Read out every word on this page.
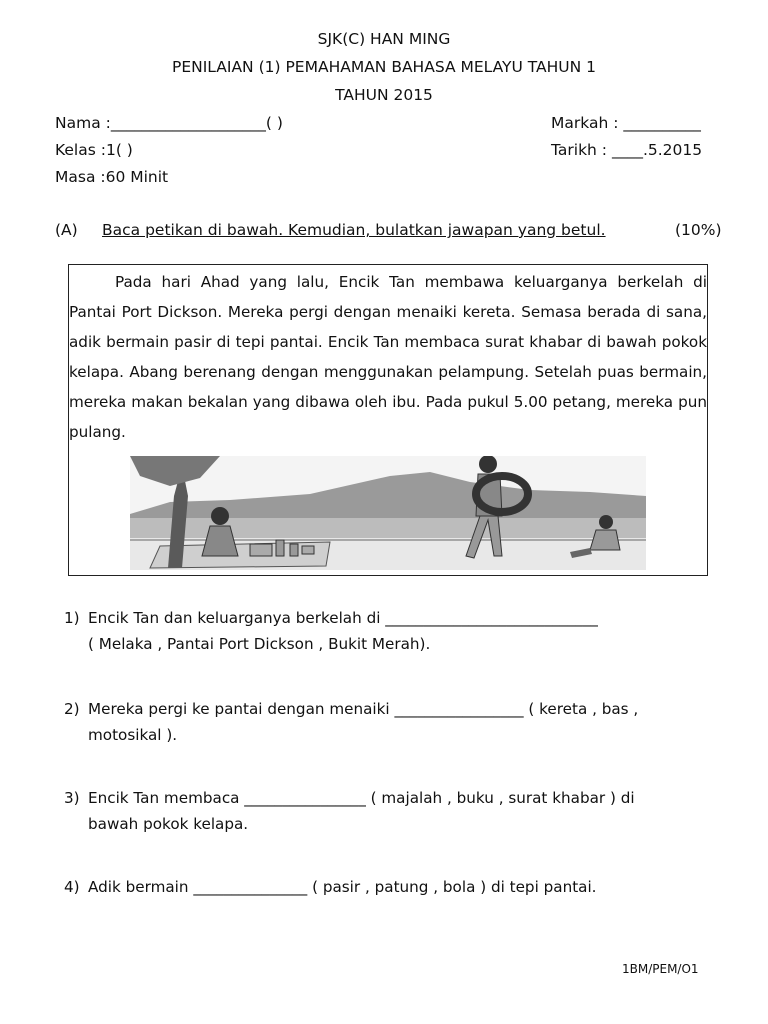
SJK(C) HAN MING
PENILAIAN (1) PEMAHAMAN BAHASA MELAYU TAHUN 1
TAHUN 2015
Nama :____________________( )	Markah : __________
Kelas :1( )	Tarikh : ____.5.2015
Masa :60 Minit
(A) Baca petikan di bawah. Kemudian, bulatkan jawapan yang betul.	(10%)

Pada hari Ahad yang lalu, Encik Tan membawa keluarganya berkelah di Pantai Port Dickson. Mereka pergi dengan menaiki kereta. Semasa berada di sana, adik bermain pasir di tepi pantai. Encik Tan membaca surat khabar di bawah pokok kelapa. Abang berenang dengan menggunakan pelampung. Setelah puas bermain, mereka makan bekalan yang dibawa oleh ibu. Pada pukul 5.00 petang, mereka pun pulang.

1) Encik Tan dan keluarganya berkelah di ____________________________
( Melaka , Pantai Port Dickson , Bukit Merah).
2) Mereka pergi ke pantai dengan menaiki _________________ ( kereta , bas ,
motosikal ).
3) Encik Tan membaca ________________ ( majalah , buku , surat khabar ) di
bawah pokok kelapa.
4) Adik bermain _______________ ( pasir , patung , bola ) di tepi pantai.
1BM/PEM/O1
